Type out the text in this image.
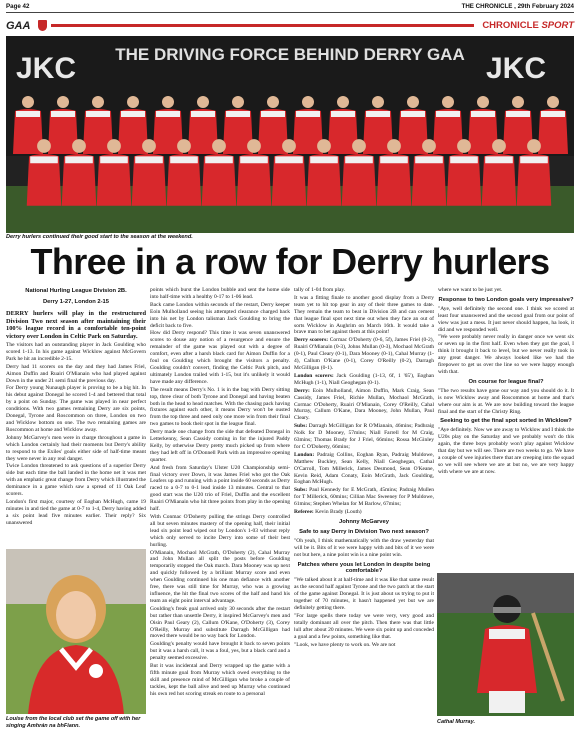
Page 42	THE CHRONICLE , 29th February 2024
GAA	CHRONICLE SPORT
JKC	JKC
THE DRIVING FORCE BEHIND DERRY GAA
Derry hurlers continued their good start to the season at the weekend.
Three in a row for Derry hurlers
National Hurling League Division 2B.
Derry 1-27, London 2-15

DERRY hurlers will play in the restructured Division Two next season after maintaining their 100% league record in a comfortable ten-point victory over London in Celtic Park on Saturday.

The visitors had an outstanding player in Jack Goulding who scored 1-13. In his game against Wicklow against McGovern Park he hit an incredible 2-15.

Derry had 11 scorers on the day and they had James Friel, Aimon Duffin and Ruairi O'Mianain who had played against Down in the under 21 semi final the previous day.

For Derry young Nunaugh player is proving to be a big hit. In his debut against Donegal he scored 1-4 and bettered that total by a point on Sunday. The game was played in near perfect conditions. With two games remaining Derry are six points, Donegal, Tyrone and Roscommon on three, London on two and Wicklow bottom on one. The two remaining games are Roscommon at home and Wicklow away.

Johnny McGarvey's men were in charge throughout a game in which London certainly had their moments but Derry's ability to respond to the Exiles' goals either side of half-time meant they were never in any real danger.

Twice London threatened to ask questions of a superior Derry side but each time the ball landed in the home net it was met with an emphatic great change from Derry which illustrated the dominance in a game which saw a spread of 11 Oak Leaf scorers.

London's first major, courtesy of Eoghan McHugh, came 19 minutes in and tied the game at 0-7 to 1-4, Derry having added a six point lead five minutes earlier. Their reply? Six unanswered

Louise from the local club set the game off with her singing Amhrán na bhFiann.

points which burst the London bubble and sent the home side into half-time with a healthy 0-17 to 1-06 lead.

Back came London within seconds of the restart, Derry keeper Eoin Mulholland seeing his attempted clearance charged back into his net by London talisman Jack Goulding to bring the deficit back to five.

How did Derry respond? This time it was seven unanswered scores to douse any notion of a resurgence and ensure the remainder of the game was played out with a degree of comfort, even after a harsh black card for Aimon Duffin for a foul on Goulding which brought the visitors a penalty. Goulding couldn't convert, finding the Celtic Park pitch, and ultimately London trailed with 1-15, but it's unlikely it would have made any difference.

The result means Derry's No. 1 is in the bag with Derry sitting top, three clear of both Tyrone and Donegal and having beaten both in the head to head matches. With the chasing pack having fixtures against each other, it means Derry won't be ousted from the top three and need only one more win from their final two games to book their spot in the league final.

Derry made one change from the side that defeated Donegal in Letterkenny, Sean Cassidy coming in for the injured Paddy Kelly, by otherwise Derry pretty much picked up from where they had left off in O'Donnell Park with an impressive opening quarter.

And fresh from Saturday's Ulster U20 Championship semi-final victory over Down, it was James Friel who got the Oak Leafers up and running with a point inside 60 seconds as Derry raced to a 0-7 to 0-1 lead inside 13 minutes. Central to that good start was the U20 trio of Friel, Duffin and the excellent Ruairi O'Mianain who hit three points from play in the opening half.

With Conmac O'Doherty pulling the strings Derry controlled all but seven minutes mastery of the opening half, their initial lead six point lead wiped out by London's 1-03 without reply which only served to incite Derry into some of their best hurling.

O'Mianain, Mochaol McGrath, O'Doherty (2), Cahal Murray and John Mullan all split the posts before Goulding temporarily stopped the Oak march. Dara Mooney was up next and quickly followed by a brilliant Murray score and even when Goulding continued his one man defiance with another free, there was still time for Murray, who was a growing influence, the hit the final two scores of the half and hand his team an eight point interval advantage.

Goulding's freak goal arrived only 30 seconds after the restart but rather than unsettle Derry, it inspired McGarvey's men and Oisin Paul Geary (2), Callum O'Kane, O'Doherty (3), Corey O'Reilly, Murray and substitute Darragh McGilligan had moved there would be no way back for London.

Goulding's penalty would have brought it back to seven points but it was a harsh call, it was a foul, yes, but a black card and a penalty seemed excessive.

But it was incidental and Derry wrapped up the game with a fifth minute goal from Murray which owed everything to the skill and presence mind of McGilligan who broke a couple of tackles, kept the ball alive and teed up Murray who continued his own red hot scoring streak en route to a personal

tally of 1-04 from play.

It was a fitting finale to another good display from a Derry team yet to hit top gear in any of their three games to date. They remain the team to beat in Division 2B and can cement that league final spot next time out when they face an out of sorts Wicklow in Aughrim on March 16th. It would take a brave man to bet against them at this point!

Derry scorers: Cormac O'Doherty (0-6, 5f), James Friel (0-2), Ruairi O'Mianain (0-3), Johns Mullan (0-3), Mochaol McGrath (0-1), Paul Cleary (0-1), Dara Mooney (0-1), Cahal Murray (1-4), Callum O'Kane (0-1), Corey O'Reilly (0-2), Darragh McGilligan (0-1).

London scorers: Jack Goulding (1-13, 6f, 1 '65'), Eoghan McHugh (1-1), Niall Geoghegan (0-1).

Derry: Eoin Mulholland, Aimon Duffin, Mark Craig, Sean Cassidy, James Friel, Richie Mullan, Mochaol McGrath, Cormac O'Doherty, Ruairi O'Mianain, Corey O'Reilly, Cahal Murray, Callum O'Kane, Dara Mooney, John Mullan, Paul Cleary.

Subs: Darragh McGilligan for R O'Mianain, 46mins; Padhraig Nolk for D Mooney, 57mins; Niall Farrell for M Craig, 63mins; Thomas Brady for J Friel, 66mins; Rossa McGinley for C O'Doherty, 66mins;

London: Padraig Collins, Eoghan Ryan, Padraig Muldowe, Matthew Buckley, Sean Kelly, Niall Geoghegan, Cathal O'Carroll, Tom Millerick, James Desmond, Sean O'Keane, Kevin Reid, Adam Conaty, Eoin McGrath, Jack Goulding, Eoghan McHugh.

Subs: Paul Kennedy for E McGrath, 45mins; Padraig Mullen for T Millerick, 60mins; Cillian Mac Sweeney for P Muldowe, 61mins; Stephen Whelan for M Barlow, 67mins;

Referee: Kevin Brady (Louth)

Johnny McGarvey
Safe to say Derry in Division Two next season?

"Oh yeah, I think mathematically with the draw yesterday that will be it. Bits of it we were happy with and bits of it we were not but here, a nine point win is a nine point win.

Patches where yous let London in despite being comfortable?

"We talked about it at half-time and it was like that same result as the second half against Tyrone and the two patch at the start of the game against Donegal. It is just about us trying to put it together of 70 minutes, it hasn't happened yet but we are definitely getting there.

"For large spells there today we were very, very good and totally dominant all over the pitch. Then there was that little lull after about 20 minutes. We were six point up and conceded a goal and a few points, something like that.

"Look, we have plenty to work on. We are not

where we want to be just yet.

Response to two London goals very impressive?

"Aye, well definitely the second one. I think we scored at least four unanswered and the second goal from our point of view was just a mess. It just never should happen, ha look, it did and we responded well.

"We were probably never really in danger once we went six or seven up in the first half. Even when they got the goal, I think it brought it back to level, but we never really took in any great danger. We always looked like we had the firepower to get us over the line so we were happy enough with that.

On course for league final?

"The two results have gone our way and you should do it. It is now Wicklow away and Roscommon at home and that's where our aim is at. We are now building toward the league final and the start of the Christy Ring.

Seeking to get the final spot sorted in Wicklow?

"Aye definitely. Now we are away to Wicklow and I think the U20s play on the Saturday and we probably won't do this again, the three boys probably won't play against Wicklow that day but we will see. There are two weeks to go. We have a couple of wee injuries there that are creeping into the squad so we will see where we are at but no, we are very happy with where we are at now.

Cathal Murray.
